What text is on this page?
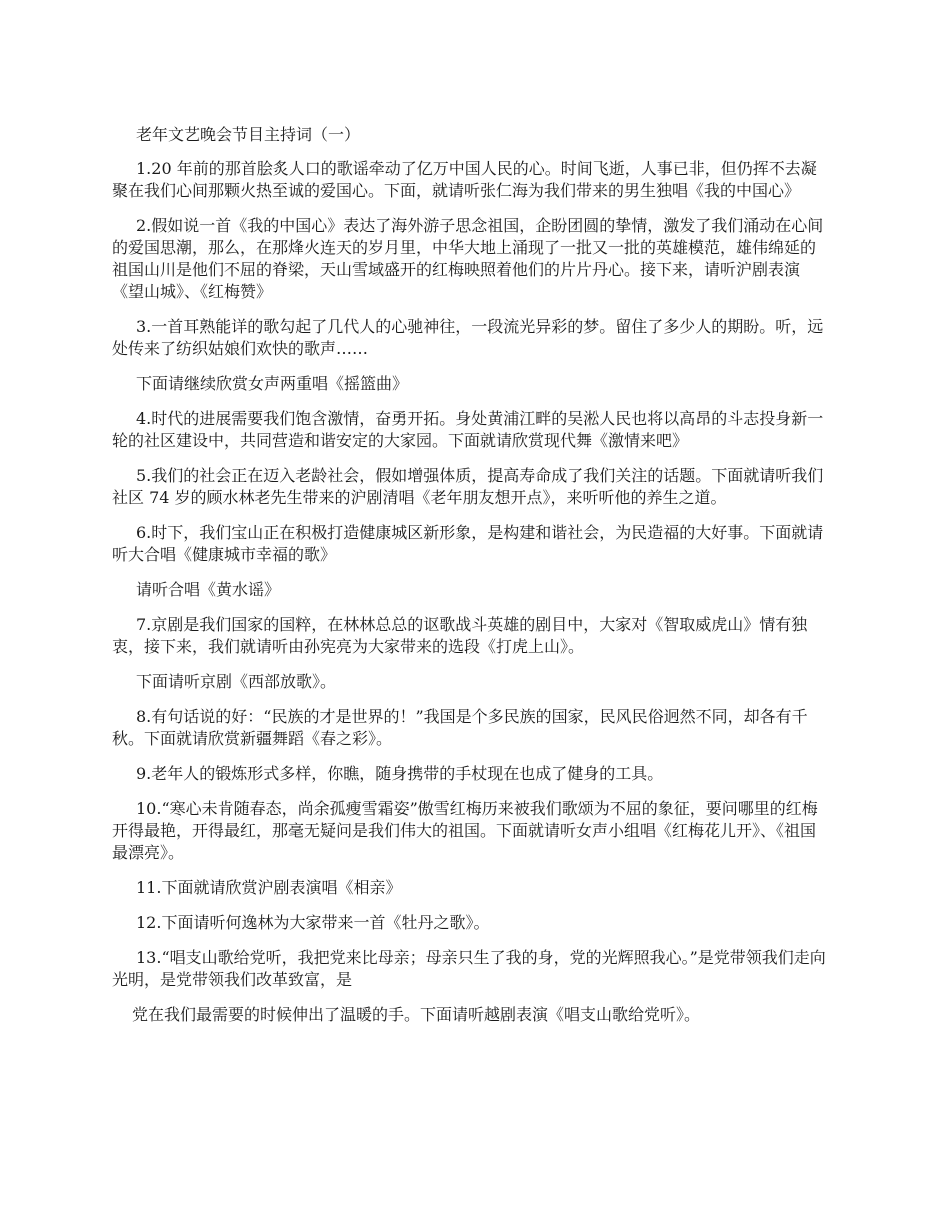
老年文艺晚会节目主持词（一）

1.20 年前的那首脍炙人口的歌谣牵动了亿万中国人民的心。时间飞逝，人事已非，但仍挥不去凝聚在我们心间那颗火热至诚的爱国心。下面，就请听张仁海为我们带来的男生独唱《我的中国心》

2.假如说一首《我的中国心》表达了海外游子思念祖国，企盼团圆的挚情，激发了我们涌动在心间的爱国思潮，那么，在那烽火连天的岁月里，中华大地上涌现了一批又一批的英雄模范，雄伟绵延的祖国山川是他们不屈的脊梁，天山雪域盛开的红梅映照着他们的片片丹心。接下来，请听沪剧表演《望山城》、《红梅赞》

3.一首耳熟能详的歌勾起了几代人的心驰神往，一段流光异彩的梦。留住了多少人的期盼。听，远处传来了纺织姑娘们欢快的歌声……

下面请继续欣赏女声两重唱《摇篮曲》

4.时代的进展需要我们饱含激情，奋勇开拓。身处黄浦江畔的吴淞人民也将以高昂的斗志投身新一轮的社区建设中，共同营造和谐安定的大家园。下面就请欣赏现代舞《激情来吧》

5.我们的社会正在迈入老龄社会，假如增强体质，提高寿命成了我们关注的话题。下面就请听我们社区 74 岁的顾水林老先生带来的沪剧清唱《老年朋友想开点》，来听听他的养生之道。

6.时下，我们宝山正在积极打造健康城区新形象，是构建和谐社会，为民造福的大好事。下面就请听大合唱《健康城市幸福的歌》

请听合唱《黄水谣》

7.京剧是我们国家的国粹，在林林总总的讴歌战斗英雄的剧目中，大家对《智取威虎山》情有独衷，接下来，我们就请听由孙宪亮为大家带来的选段《打虎上山》。

下面请听京剧《西部放歌》。

8.有句话说的好：“民族的才是世界的！”我国是个多民族的国家，民风民俗迥然不同，却各有千秋。下面就请欣赏新疆舞蹈《春之彩》。

9.老年人的锻炼形式多样，你瞧，随身携带的手杖现在也成了健身的工具。

10.“寒心未肯随春态，尚余孤瘦雪霜姿”傲雪红梅历来被我们歌颂为不屈的象征，要问哪里的红梅开得最艳，开得最红，那毫无疑问是我们伟大的祖国。下面就请听女声小组唱《红梅花儿开》、《祖国最漂亮》。

11.下面就请欣赏沪剧表演唱《相亲》

12.下面请听何逸林为大家带来一首《牡丹之歌》。

13.“唱支山歌给党听，我把党来比母亲；母亲只生了我的身，党的光辉照我心。”是党带领我们走向光明，是党带领我们改革致富，是

党在我们最需要的时候伸出了温暖的手。下面请听越剧表演《唱支山歌给党听》。
